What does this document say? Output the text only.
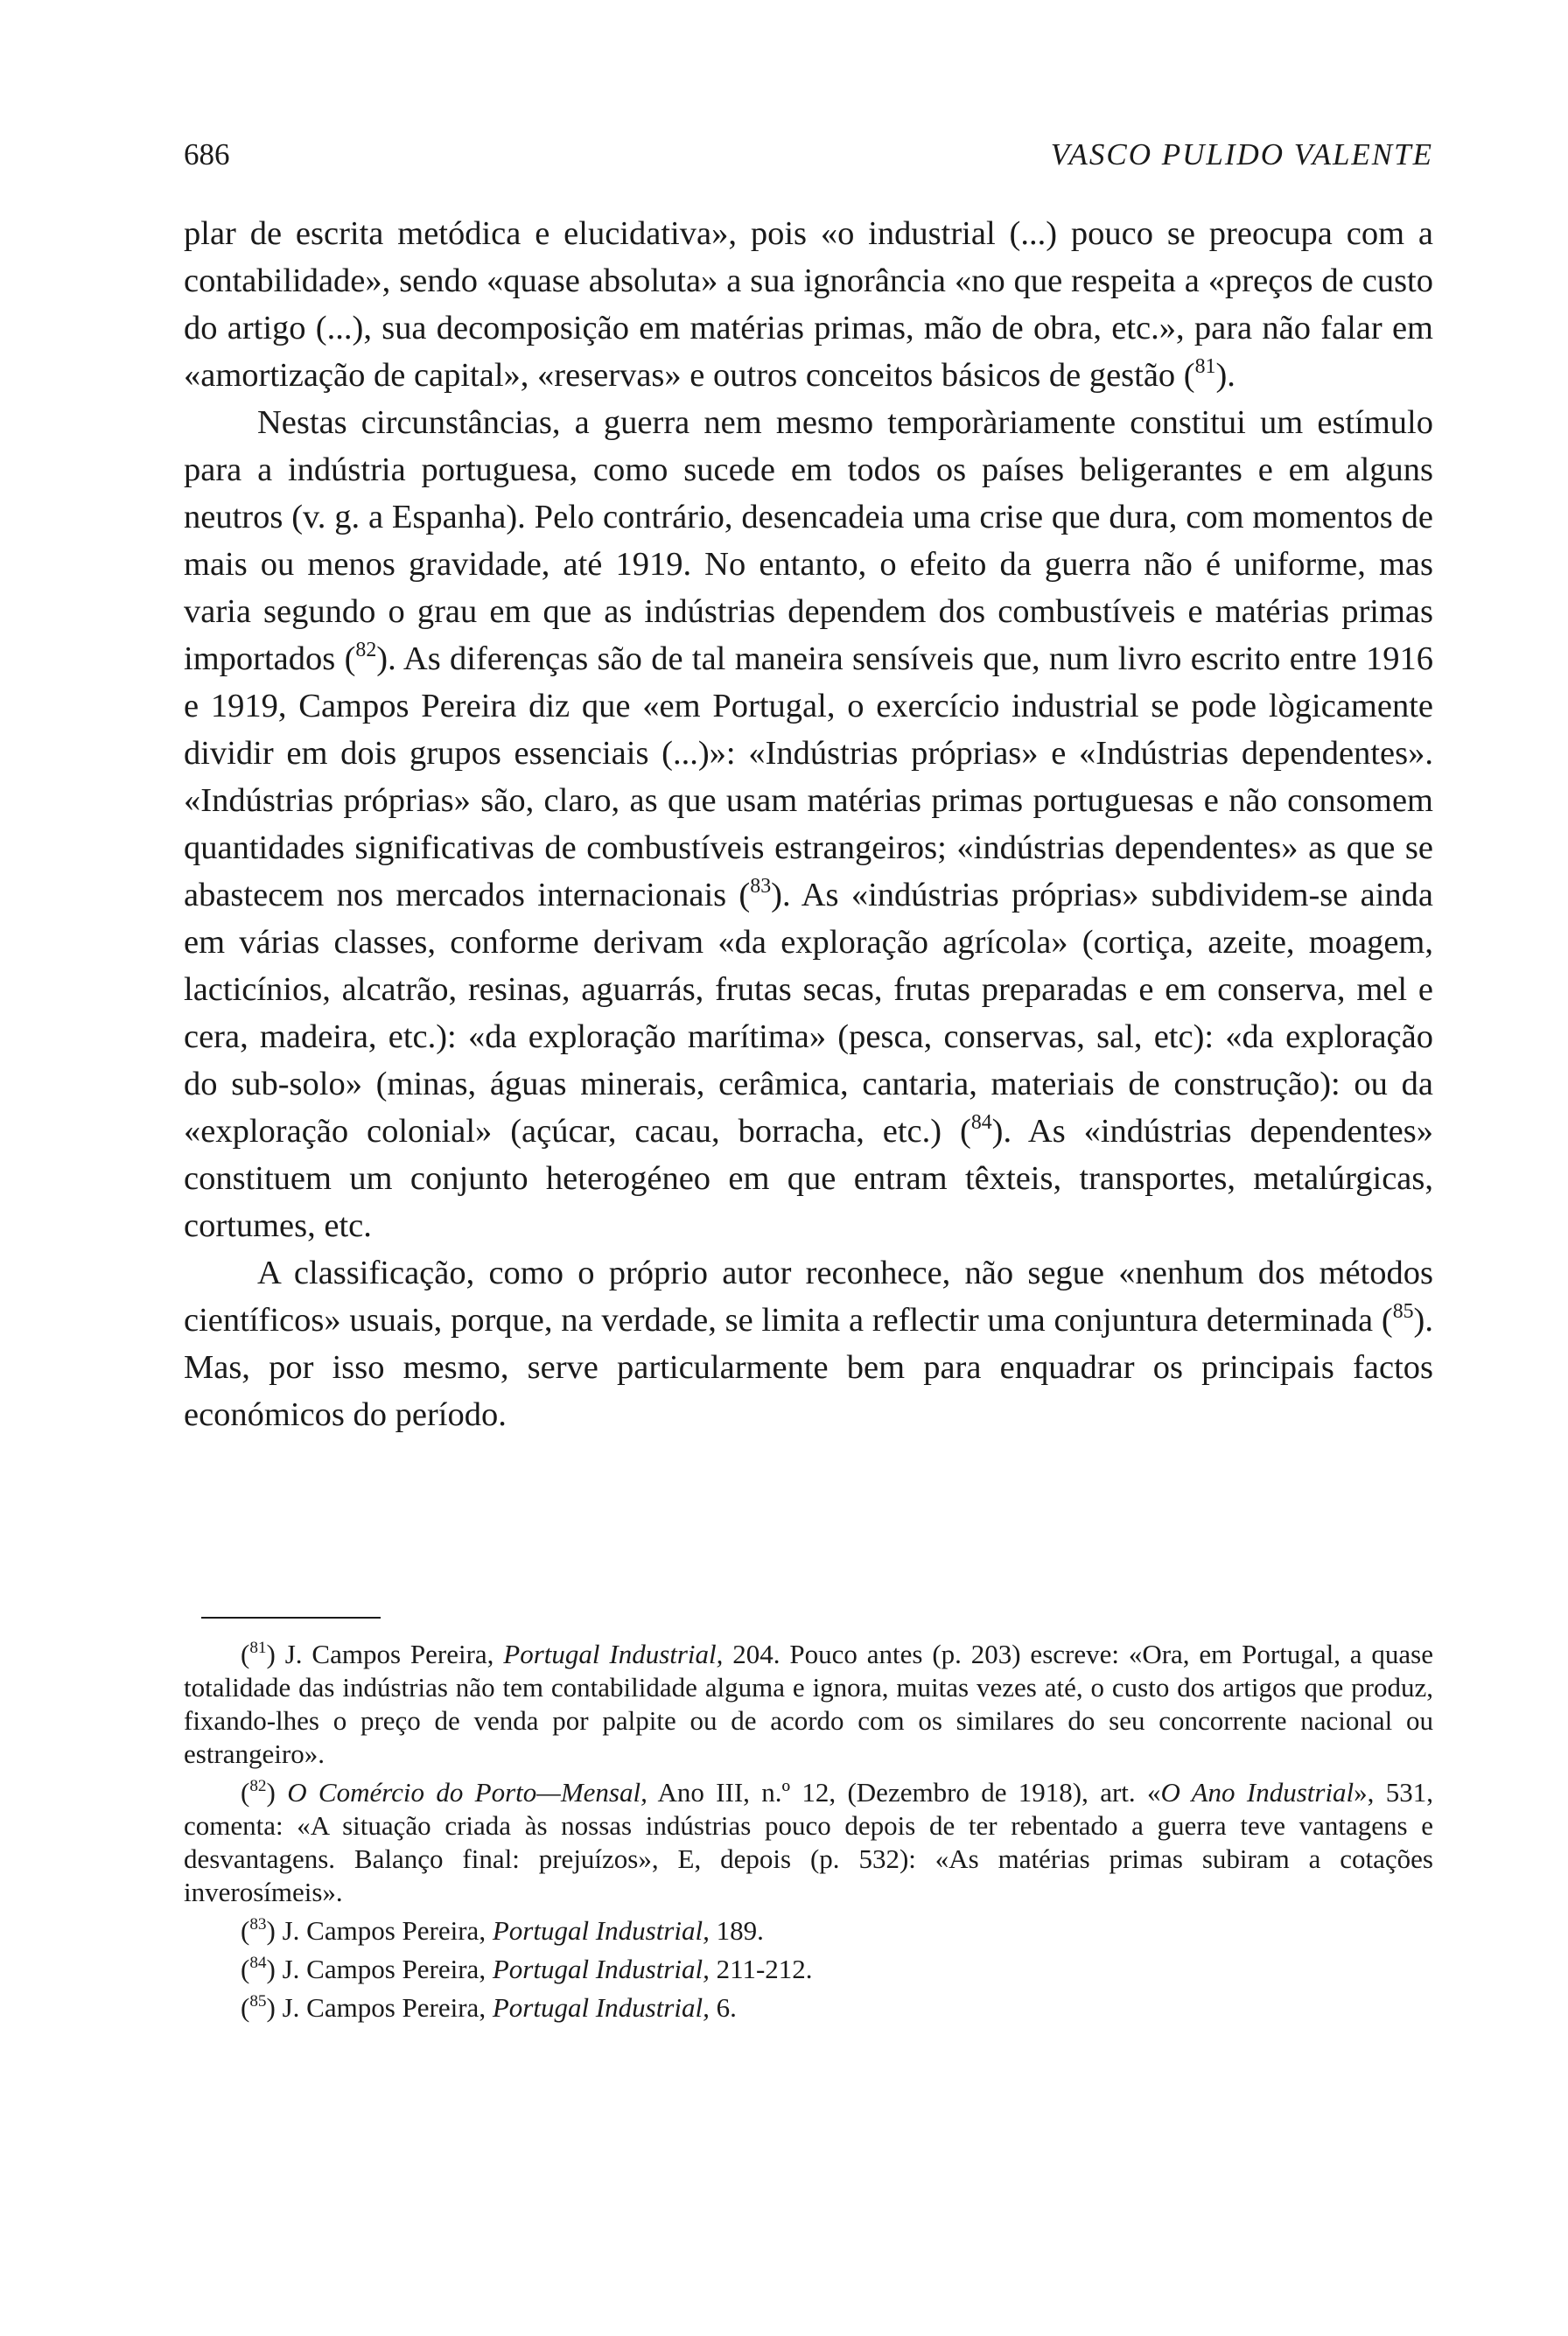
686	VASCO PULIDO VALENTE

plar de escrita metódica e elucidativa», pois «o industrial (...) pouco se preocupa com a contabilidade», sendo «quase absoluta» a sua ignorância «no que respeita a «preços de custo do artigo (...), sua decomposição em matérias primas, mão de obra, etc.», para não falar em «amortização de capital», «reservas» e outros conceitos básicos de gestão ($^{81}$).

Nestas circunstâncias, a guerra nem mesmo temporàriamente constitui um estímulo para a indústria portuguesa, como sucede em todos os países beligerantes e em alguns neutros (v. g. a Espanha). Pelo contrário, desencadeia uma crise que dura, com momentos de mais ou menos gravidade, até 1919. No entanto, o efeito da guerra não é uniforme, mas varia segundo o grau em que as indústrias dependem dos combustíveis e matérias primas importados ($^{82}$). As diferenças são de tal maneira sensíveis que, num livro escrito entre 1916 e 1919, Campos Pereira diz que «em Portugal, o exercício industrial se pode lògicamente dividir em dois grupos essenciais (...)»: «Indústrias próprias» e «Indústrias dependentes». «Indústrias próprias» são, claro, as que usam matérias primas portuguesas e não consomem quantidades significativas de combustíveis estrangeiros; «indústrias dependentes» as que se abastecem nos mercados internacionais ($^{83}$). As «indústrias próprias» subdividem-se ainda em várias classes, conforme derivam «da exploração agrícola» (cortiça, azeite, moagem, lacticínios, alcatrão, resinas, aguarrás, frutas secas, frutas preparadas e em conserva, mel e cera, madeira, etc.): «da exploração marítima» (pesca, conservas, sal, etc): «da exploração do sub-solo» (minas, águas minerais, cerâmica, cantaria, materiais de construção): ou da «exploração colonial» (açúcar, cacau, borracha, etc.) ($^{84}$). As «indústrias dependentes» constituem um conjunto heterogéneo em que entram têxteis, transportes, metalúrgicas, cortumes, etc.

A classificação, como o próprio autor reconhece, não segue «nenhum dos métodos científicos» usuais, porque, na verdade, se limita a reflectir uma conjuntura determinada ($^{85}$). Mas, por isso mesmo, serve particularmente bem para enquadrar os principais factos económicos do período.

($^{81}$) J. Campos Pereira, Portugal Industrial, 204. Pouco antes (p. 203) escreve: «Ora, em Portugal, a quase totalidade das indústrias não tem contabilidade alguma e ignora, muitas vezes até, o custo dos artigos que produz, fixando-lhes o preço de venda por palpite ou de acordo com os similares do seu concorrente nacional ou estrangeiro».

($^{82}$) O Comércio do Porto—Mensal, Ano III, n.º 12, (Dezembro de 1918), art. «O Ano Industrial», 531, comenta: «A situação criada às nossas indústrias pouco depois de ter rebentado a guerra teve vantagens e desvantagens. Balanço final: prejuízos», E, depois (p. 532): «As matérias primas subiram a cotações inverosímeis».

($^{83}$) J. Campos Pereira, Portugal Industrial, 189.

($^{84}$) J. Campos Pereira, Portugal Industrial, 211-212.

($^{85}$) J. Campos Pereira, Portugal Industrial, 6.
